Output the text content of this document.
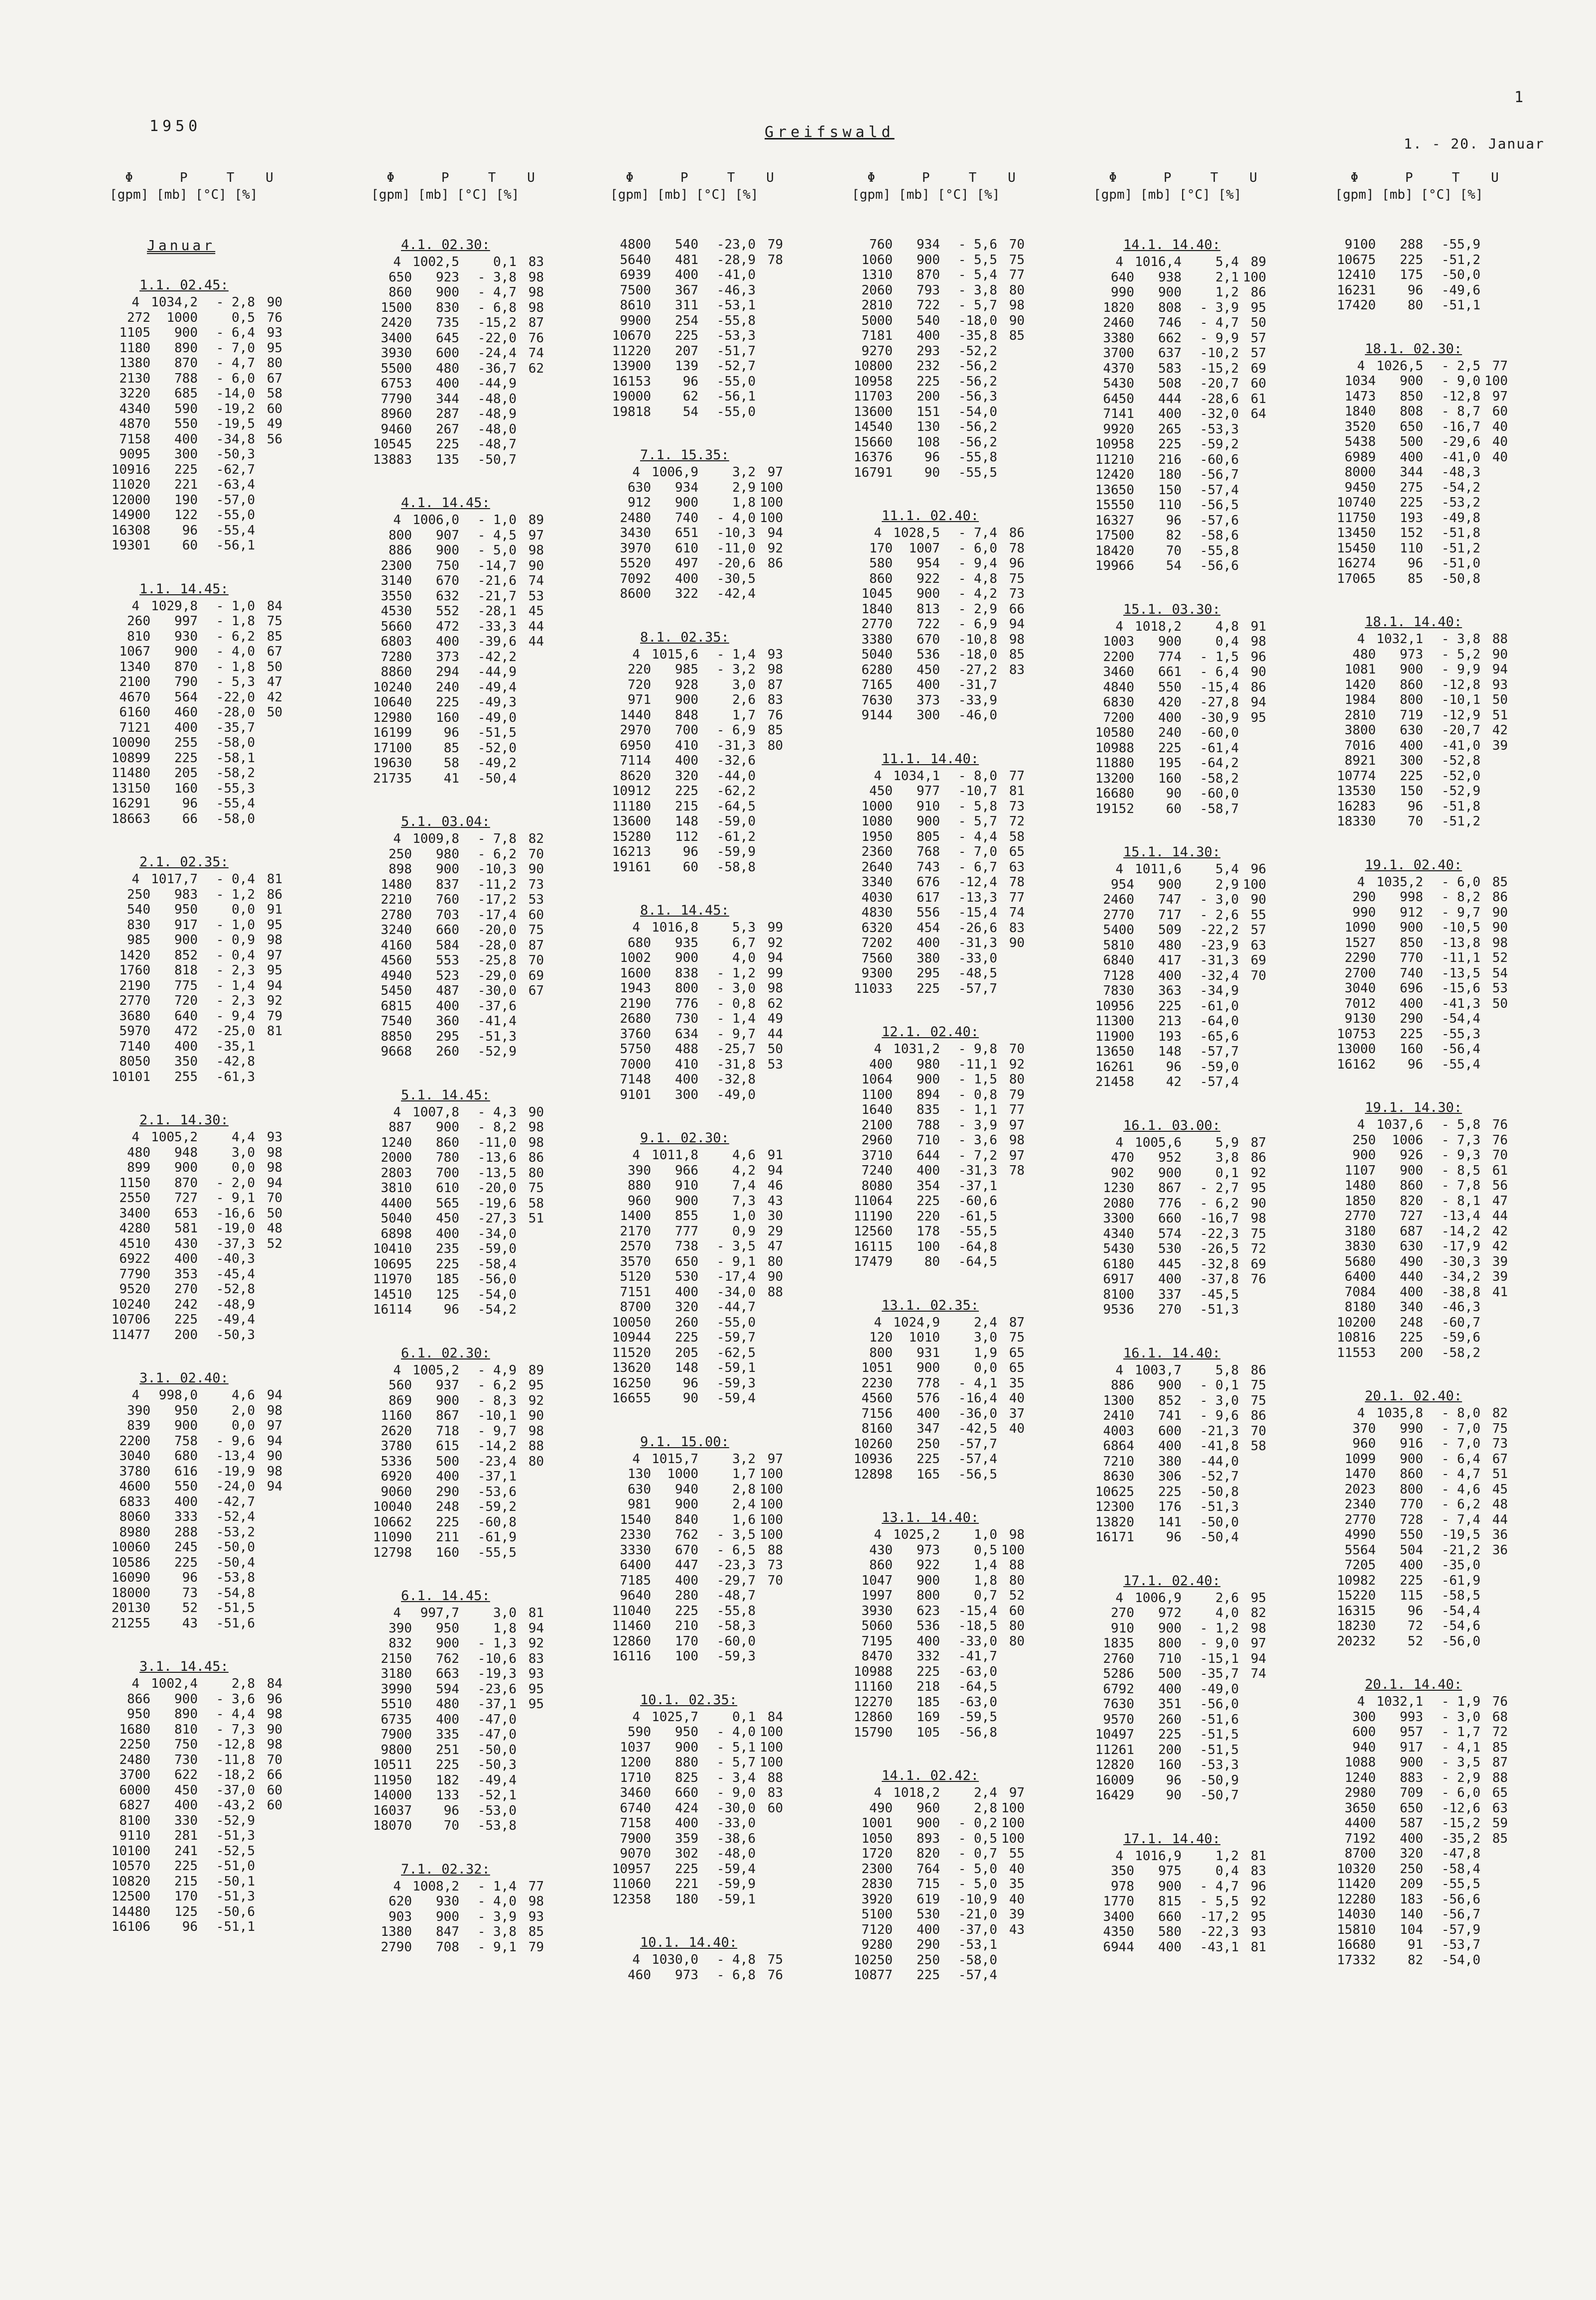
1950	Greifswald
1
1. - 20. Januar
Φ      P     T    U
[gpm] [mb] [°C] [%]
Januar
1.1. 02.45:
4 1034,2	- 2,8 90
272	1000	0,5 76
1105	900	- 6,4 93
1180	890	- 7,0 95
1380	870	- 4,7 80
2130	788	- 6,0 67
3220	685	-14,0 58
4340	590	-19,2 60
4870	550	-19,5 49
7158	400	-34,8 56
9095	300	-50,3
10916	225	-62,7
11020	221	-63,4
12000	190	-57,0
14900	122	-55,0
16308	96	-55,4
19301	60	-56,1
1.1. 14.45:
4 1029,8	- 1,0 84
260	997	- 1,8 75
810	930	- 6,2 85
1067	900	- 4,0 67
1340	870	- 1,8 50
2100	790	- 5,3 47
4670	564	-22,0 42
6160	460	-28,0 50
7121	400	-35,7
10090	255	-58,0
10899	225	-58,1
11480	205	-58,2
13150	160	-55,3
16291	96	-55,4
18663	66	-58,0
2.1. 02.35:
4 1017,7	- 0,4 81
250	983	- 1,2 86
540	950	0,0 91
830	917	- 1,0 95
985	900	- 0,9 98
1420	852	- 0,4 97
1760	818	- 2,3 95
2190	775	- 1,4 94
2770	720	- 2,3 92
3680	640	- 9,4 79
5970	472	-25,0 81
7140	400	-35,1
8050	350	-42,8
10101	255	-61,3
2.1. 14.30:
4 1005,2	4,4 93
480	948	3,0 98
899	900	0,0 98
1150	870	- 2,0 94
2550	727	- 9,1 70
3400	653	-16,6 50
4280	581	-19,0 48
4510	430	-37,3 52
6922	400	-40,3
7790	353	-45,4
9520	270	-52,8
10240	242	-48,9
10706	225	-49,4
11477	200	-50,3
3.1. 02.40:
4	998,0	4,6 94
390	950	2,0 98
839	900	0,0 97
2200	758	- 9,6 94
3040	680	-13,4 90
3780	616	-19,9 98
4600	550	-24,0 94
6833	400	-42,7
8060	333	-52,4
8980	288	-53,2
10060	245	-50,0
10586	225	-50,4
16090	96	-53,8
18000	73	-54,8
20130	52	-51,5
21255	43	-51,6
3.1. 14.45:
4 1002,4	2,8 84
866	900	- 3,6 96
950	890	- 4,4 98
1680	810	- 7,3 90
2250	750	-12,8 98
2480	730	-11,8 70
3700	622	-18,2 66
6000	450	-37,0 60
6827	400	-43,2 60
8100	330	-52,9
9110	281	-51,3
10100	241	-52,5
10570	225	-51,0
10820	215	-50,1
12500	170	-51,3
14480	125	-50,6
16106	96	-51,1
Φ      P     T    U
[gpm] [mb] [°C] [%]
4.1. 02.30:
4 1002,5	0,1 83
650	923	- 3,8 98
860	900	- 4,7 98
1500	830	- 6,8 98
2420	735	-15,2 87
3400	645	-22,0 76
3930	600	-24,4 74
5500	480	-36,7 62
6753	400	-44,9
7790	344	-48,0
8960	287	-48,9
9460	267	-48,0
10545	225	-48,7
13883	135	-50,7
4.1. 14.45:
4 1006,0	- 1,0 89
800	907	- 4,5 97
886	900	- 5,0 98
2300	750	-14,7 90
3140	670	-21,6 74
3550	632	-21,7 53
4530	552	-28,1 45
5660	472	-33,3 44
6803	400	-39,6 44
7280	373	-42,2
8860	294	-44,9
10240	240	-49,4
10640	225	-49,3
12980	160	-49,0
16199	96	-51,5
17100	85	-52,0
19630	58	-49,2
21735	41	-50,4
5.1. 03.04:
4 1009,8	- 7,8 82
250	980	- 6,2 70
898	900	-10,3 90
1480	837	-11,2 73
2210	760	-17,2 53
2780	703	-17,4 60
3240	660	-20,0 75
4160	584	-28,0 87
4560	553	-25,8 70
4940	523	-29,0 69
5450	487	-30,0 67
6815	400	-37,6
7540	360	-41,4
8850	295	-51,3
9668	260	-52,9
5.1. 14.45:
4 1007,8	- 4,3 90
887	900	- 8,2 98
1240	860	-11,0 98
2000	780	-13,6 86
2803	700	-13,5 80
3810	610	-20,0 75
4400	565	-19,6 58
5040	450	-27,3 51
6898	400	-34,0
10410	235	-59,0
10695	225	-58,4
11970	185	-56,0
14510	125	-54,0
16114	96	-54,2
6.1. 02.30:
4 1005,2	- 4,9 89
560	937	- 6,2 95
869	900	- 8,3 92
1160	867	-10,1 90
2620	718	- 9,7 98
3780	615	-14,2 88
5336	500	-23,4 80
6920	400	-37,1
9060	290	-53,6
10040	248	-59,2
10662	225	-60,8
11090	211	-61,9
12798	160	-55,5
6.1. 14.45:
4	997,7	3,0 81
390	950	1,8 94
832	900	- 1,3 92
2150	762	-10,6 83
3180	663	-19,3 93
3990	594	-23,6 95
5510	480	-37,1 95
6735	400	-47,0
7900	335	-47,0
9800	251	-50,0
10511	225	-50,3
11950	182	-49,4
14000	133	-52,1
16037	96	-53,0
18070	70	-53,8
7.1. 02.32:
4 1008,2	- 1,4 77
620	930	- 4,0 98
903	900	- 3,9 93
1380	847	- 3,8 85
2790	708	- 9,1 79
Φ      P     T    U
[gpm] [mb] [°C] [%]
4800	540	-23,0 79
5640	481	-28,9 78
6939	400	-41,0
7500	367	-46,3
8610	311	-53,1
9900	254	-55,8
10670	225	-53,3
11220	207	-51,7
13900	139	-52,7
16153	96	-55,0
19000	62	-56,1
19818	54	-55,0
7.1. 15.35:
4 1006,9	3,2 97
630	934	2,9 100
912	900	1,8 100
2480	740	- 4,0 100
3430	651	-10,3 94
3970	610	-11,0 92
5520	497	-20,6 86
7092	400	-30,5
8600	322	-42,4
8.1. 02.35:
4 1015,6	- 1,4 93
220	985	- 3,2 98
720	928	3,0 87
971	900	2,6 83
1440	848	1,7 76
2970	700	- 6,9 85
6950	410	-31,3 80
7114	400	-32,6
8620	320	-44,0
10912	225	-62,2
11180	215	-64,5
13600	148	-59,0
15280	112	-61,2
16213	96	-59,9
19161	60	-58,8
8.1. 14.45:
4 1016,8	5,3 99
680	935	6,7 92
1002	900	4,0 94
1600	838	- 1,2 99
1943	800	- 3,0 98
2190	776	- 0,8 62
2680	730	- 1,4 49
3760	634	- 9,7 44
5750	488	-25,7 50
7000	410	-31,8 53
7148	400	-32,8
9101	300	-49,0
9.1. 02.30:
4 1011,8	4,6 91
390	966	4,2 94
880	910	7,4 46
960	900	7,3 43
1400	855	1,0 30
2170	777	0,9 29
2570	738	- 3,5 47
3570	650	- 9,1 80
5120	530	-17,4 90
7151	400	-34,0 88
8700	320	-44,7
10050	260	-55,0
10944	225	-59,7
11520	205	-62,5
13620	148	-59,1
16250	96	-59,3
16655	90	-59,4
9.1. 15.00:
4 1015,7	3,2 97
130	1000	1,7 100
630	940	2,8 100
981	900	2,4 100
1540	840	1,6 100
2330	762	- 3,5 100
3330	670	- 6,5 88
6400	447	-23,3 73
7185	400	-29,7 70
9640	280	-48,7
11040	225	-55,8
11460	210	-58,3
12860	170	-60,0
16116	100	-59,3
10.1. 02.35:
4 1025,7	0,1 84
590	950	- 4,0 100
1037	900	- 5,1 100
1200	880	- 5,7 100
1710	825	- 3,4 88
3460	660	- 9,0 83
6740	424	-30,0 60
7158	400	-33,0
7900	359	-38,6
9070	302	-48,0
10957	225	-59,4
11060	221	-59,9
12358	180	-59,1
10.1. 14.40:
4 1030,0	- 4,8 75
460	973	- 6,8 76
Φ      P     T    U
[gpm] [mb] [°C] [%]
760	934	- 5,6 70
1060	900	- 5,5 75
1310	870	- 5,4 77
2060	793	- 3,8 80
2810	722	- 5,7 98
5000	540	-18,0 90
7181	400	-35,8 85
9270	293	-52,2
10800	232	-56,2
10958	225	-56,2
11703	200	-56,3
13600	151	-54,0
14540	130	-56,2
15660	108	-56,2
16376	96	-55,8
16791	90	-55,5
11.1. 02.40:
4 1028,5	- 7,4 86
170	1007	- 6,0 78
580	954	- 9,4 96
860	922	- 4,8 75
1045	900	- 4,2 73
1840	813	- 2,9 66
2770	722	- 6,9 94
3380	670	-10,8 98
5040	536	-18,0 85
6280	450	-27,2 83
7165	400	-31,7
7630	373	-33,9
9144	300	-46,0
11.1. 14.40:
4 1034,1	- 8,0 77
450	977	-10,7 81
1000	910	- 5,8 73
1080	900	- 5,7 72
1950	805	- 4,4 58
2360	768	- 7,0 65
2640	743	- 6,7 63
3340	676	-12,4 78
4030	617	-13,3 77
4830	556	-15,4 74
6320	454	-26,6 83
7202	400	-31,3 90
7560	380	-33,0
9300	295	-48,5
11033	225	-57,7
12.1. 02.40:
4 1031,2	- 9,8 70
400	980	-11,1 92
1064	900	- 1,5 80
1100	894	- 0,8 79
1640	835	- 1,1 77
2100	788	- 3,9 97
2960	710	- 3,6 98
3710	644	- 7,2 97
7240	400	-31,3 78
8080	354	-37,1
11064	225	-60,6
11190	220	-61,5
12560	178	-55,5
16115	100	-64,8
17479	80	-64,5
13.1. 02.35:
4 1024,9	2,4 87
120	1010	3,0 75
800	931	1,9 65
1051	900	0,0 65
2230	778	- 4,1 35
4560	576	-16,4 40
7156	400	-36,0 37
8160	347	-42,5 40
10260	250	-57,7
10936	225	-57,4
12898	165	-56,5
13.1. 14.40:
4 1025,2	1,0 98
430	973	0,5 100
860	922	1,4 88
1047	900	1,8 80
1997	800	0,7 52
3930	623	-15,4 60
5060	536	-18,5 80
7195	400	-33,0 80
8470	332	-41,7
10988	225	-63,0
11160	218	-64,5
12270	185	-63,0
12860	169	-59,5
15790	105	-56,8
14.1. 02.42:
4 1018,2	2,4 97
490	960	2,8 100
1001	900	- 0,2 100
1050	893	- 0,5 100
1720	820	- 0,7 55
2300	764	- 5,0 40
2830	715	- 5,0 35
3920	619	-10,9 40
5100	530	-21,0 39
7120	400	-37,0 43
9280	290	-53,1
10250	250	-58,0
10877	225	-57,4
Φ      P     T    U
[gpm] [mb] [°C] [%]
14.1. 14.40:
4 1016,4	5,4 89
640	938	2,1 100
990	900	1,2 86
1820	808	- 3,9 95
2460	746	- 4,7 50
3380	662	- 9,9 57
3700	637	-10,2 57
4370	583	-15,2 69
5430	508	-20,7 60
6450	444	-28,6 61
7141	400	-32,0 64
9920	265	-53,3
10958	225	-59,2
11210	216	-60,6
12420	180	-56,7
13650	150	-57,4
15550	110	-56,5
16327	96	-57,6
17500	82	-58,6
18420	70	-55,8
19966	54	-56,6
15.1. 03.30:
4 1018,2	4,8 91
1003	900	0,4 98
2200	774	- 1,5 96
3460	661	- 6,4 90
4840	550	-15,4 86
6830	420	-27,8 94
7200	400	-30,9 95
10580	240	-60,0
10988	225	-61,4
11880	195	-64,2
13200	160	-58,2
16680	90	-60,0
19152	60	-58,7
15.1. 14.30:
4 1011,6	5,4 96
954	900	2,9 100
2460	747	- 3,0 90
2770	717	- 2,6 55
5400	509	-22,2 57
5810	480	-23,9 63
6840	417	-31,3 69
7128	400	-32,4 70
7830	363	-34,9
10956	225	-61,0
11300	213	-64,0
11900	193	-65,6
13650	148	-57,7
16261	96	-59,0
21458	42	-57,4
16.1. 03.00:
4 1005,6	5,9 87
470	952	3,8 86
902	900	0,1 92
1230	867	- 2,7 95
2080	776	- 6,2 90
3300	660	-16,7 98
4340	574	-22,3 75
5430	530	-26,5 72
6180	445	-32,8 69
6917	400	-37,8 76
8100	337	-45,5
9536	270	-51,3
16.1. 14.40:
4 1003,7	5,8 86
886	900	- 0,1 75
1300	852	- 3,0 75
2410	741	- 9,6 86
4003	600	-21,3 70
6864	400	-41,8 58
7210	380	-44,0
8630	306	-52,7
10625	225	-50,8
12300	176	-51,3
13820	141	-50,0
16171	96	-50,4
17.1. 02.40:
4 1006,9	2,6 95
270	972	4,0 82
910	900	- 1,2 98
1835	800	- 9,0 97
2760	710	-15,1 94
5286	500	-35,7 74
6792	400	-49,0
7630	351	-56,0
9570	260	-51,6
10497	225	-51,5
11261	200	-51,5
12820	160	-53,3
16009	96	-50,9
16429	90	-50,7
17.1. 14.40:
4 1016,9	1,2 81
350	975	0,4 83
978	900	- 4,7 96
1770	815	- 5,5 92
3400	660	-17,2 95
4350	580	-22,3 93
6944	400	-43,1 81
Φ      P     T    U
[gpm] [mb] [°C] [%]
9100	288	-55,9
10675	225	-51,2
12410	175	-50,0
16231	96	-49,6
17420	80	-51,1
18.1. 02.30:
4 1026,5	- 2,5 77
1034	900	- 9,0 100
1473	850	-12,8 97
1840	808	- 8,7 60
3520	650	-16,7 40
5438	500	-29,6 40
6989	400	-41,0 40
8000	344	-48,3
9450	275	-54,2
10740	225	-53,2
11750	193	-49,8
13450	152	-51,8
15450	110	-51,2
16274	96	-51,0
17065	85	-50,8
18.1. 14.40:
4 1032,1	- 3,8 88
480	973	- 5,2 90
1081	900	- 9,9 94
1420	860	-12,8 93
1984	800	-10,1 50
2810	719	-12,9 51
3800	630	-20,7 42
7016	400	-41,0 39
8921	300	-52,8
10774	225	-52,0
13530	150	-52,9
16283	96	-51,8
18330	70	-51,2
19.1. 02.40:
4 1035,2	- 6,0 85
290	998	- 8,2 86
990	912	- 9,7 90
1090	900	-10,5 90
1527	850	-13,8 98
2290	770	-11,1 52
2700	740	-13,5 54
3040	696	-15,6 53
7012	400	-41,3 50
9130	290	-54,4
10753	225	-55,3
13000	160	-56,4
16162	96	-55,4
19.1. 14.30:
4 1037,6	- 5,8 76
250	1006	- 7,3 76
900	926	- 9,3 70
1107	900	- 8,5 61
1480	860	- 7,8 56
1850	820	- 8,1 47
2770	727	-13,4 44
3180	687	-14,2 42
3830	630	-17,9 42
5680	490	-30,3 39
6400	440	-34,2 39
7084	400	-38,8 41
8180	340	-46,3
10200	248	-60,7
10816	225	-59,6
11553	200	-58,2
20.1. 02.40:
4 1035,8	- 8,0 82
370	990	- 7,0 75
960	916	- 7,0 73
1099	900	- 6,4 67
1470	860	- 4,7 51
2023	800	- 4,6 45
2340	770	- 6,2 48
2770	728	- 7,4 44
4990	550	-19,5 36
5564	504	-21,2 36
7205	400	-35,0
10982	225	-61,9
15220	115	-58,5
16315	96	-54,4
18230	72	-54,6
20232	52	-56,0
20.1. 14.40:
4 1032,1	- 1,9 76
300	993	- 3,0 68
600	957	- 1,7 72
940	917	- 4,1 85
1088	900	- 3,5 87
1240	883	- 2,9 88
2980	709	- 6,0 65
3650	650	-12,6 63
4400	587	-15,2 59
7192	400	-35,2 85
8700	320	-47,8
10320	250	-58,4
11420	209	-55,5
12280	183	-56,6
14030	140	-56,7
15810	104	-57,9
16680	91	-53,7
17332	82	-54,0
